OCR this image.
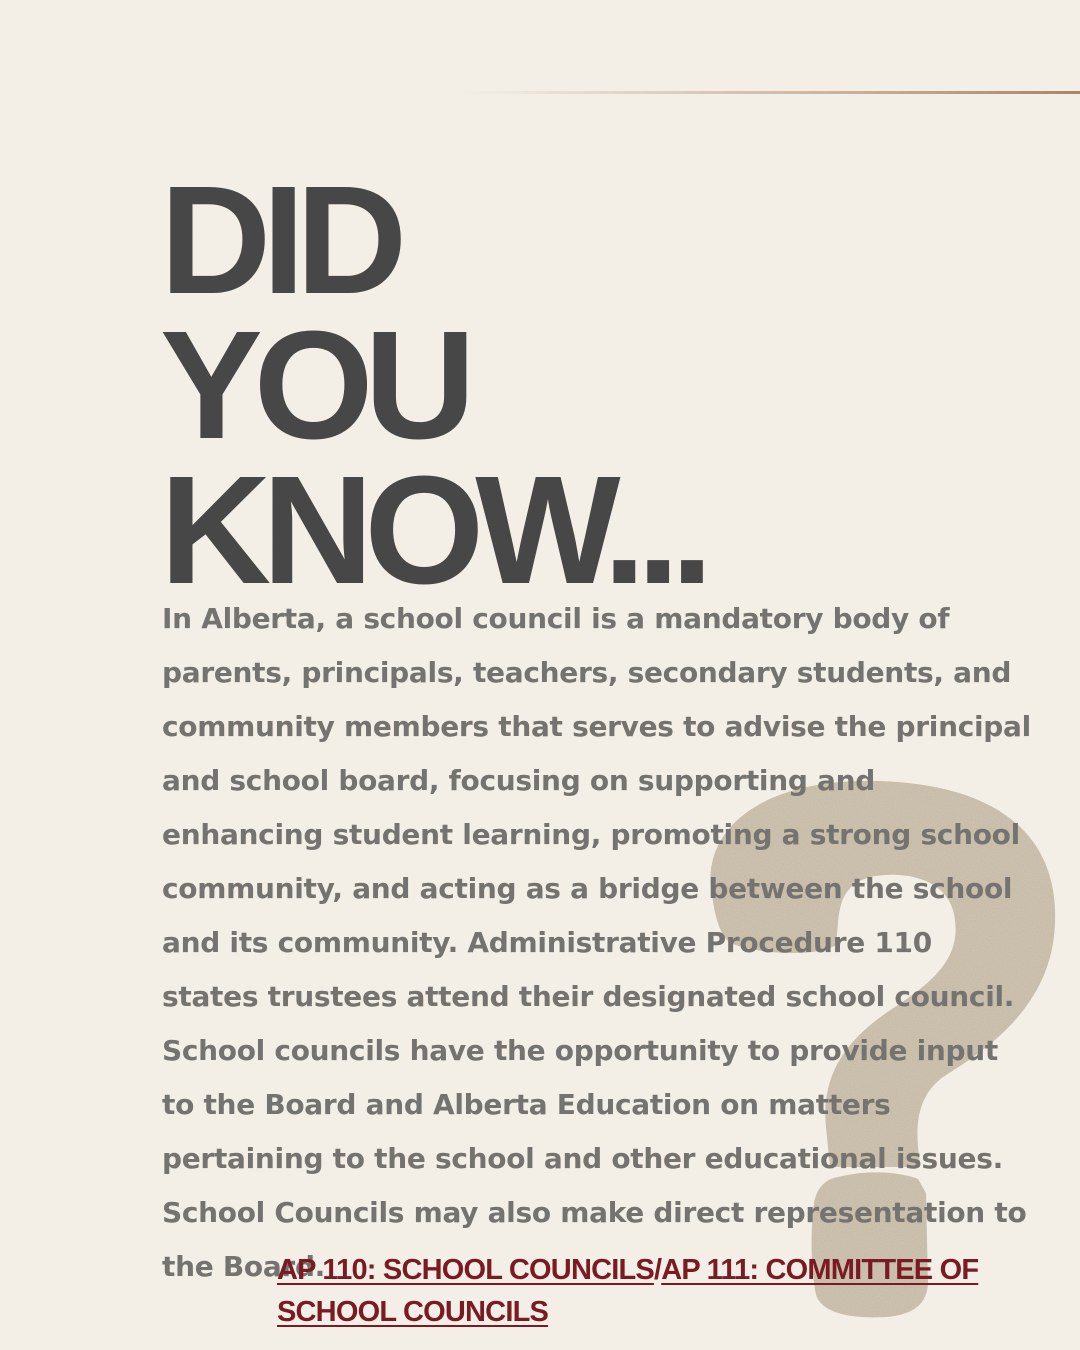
DID
YOU
KNOW...

In Alberta, a school council is a mandatory body of parents, principals, teachers, secondary students, and community members that serves to advise the principal and school board, focusing on supporting and enhancing student learning, promoting a strong school community, and acting as a bridge between the school and its community. Administrative Procedure 110 states trustees attend their designated school council. School councils have the opportunity to provide input to the Board and Alberta Education on matters pertaining to the school and other educational issues. School Councils may also make direct representation to the Board.

AP 110: SCHOOL COUNCILS/AP 111: COMMITTEE OF SCHOOL COUNCILS
